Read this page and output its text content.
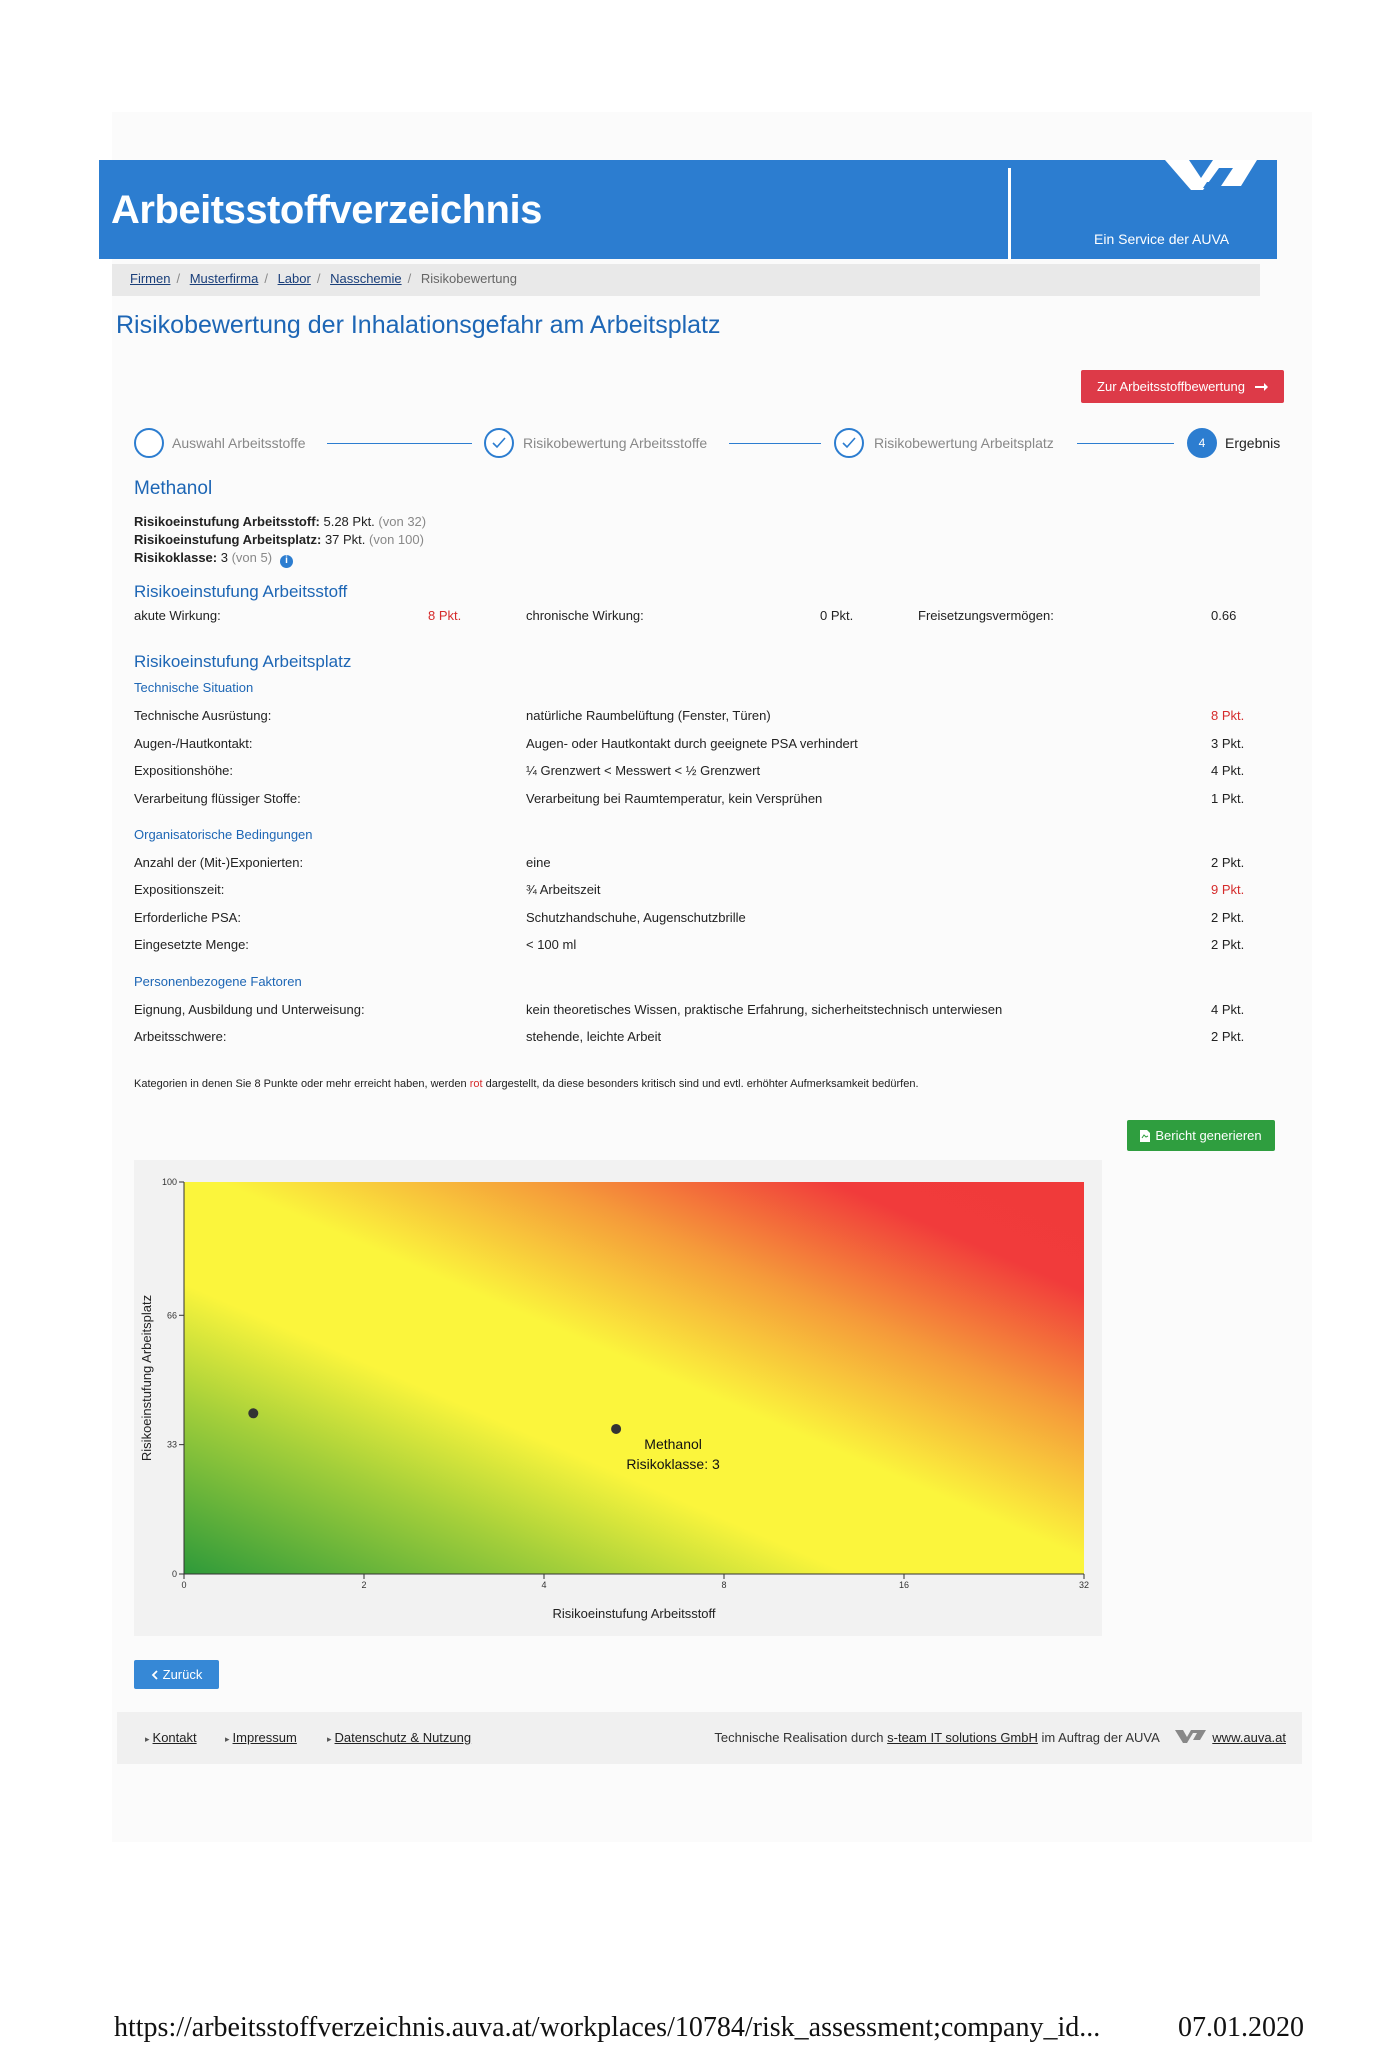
Arbeitsstoffverzeichnis
Ein Service der AUVA
Firmen / Musterfirma / Labor / Nasschemie / Risikobewertung
Risikobewertung der Inhalationsgefahr am Arbeitsplatz
Zur Arbeitsstoffbewertung
Auswahl Arbeitsstoffe	Risikobewertung Arbeitsstoffe	Risikobewertung Arbeitsplatz	4	Ergebnis
Methanol
Risikoeinstufung Arbeitsstoff: 5.28 Pkt. (von 32)
Risikoeinstufung Arbeitsplatz: 37 Pkt. (von 100)
Risikoklasse: 3 (von 5) i
Risikoeinstufung Arbeitsstoff
akute Wirkung:	8 Pkt.	chronische Wirkung:	0 Pkt.	Freisetzungsvermögen:	0.66
Risikoeinstufung Arbeitsplatz
Technische Situation
Technische Ausrüstung:	natürliche Raumbelüftung (Fenster, Türen)	8 Pkt.
Augen-/Hautkontakt:	Augen- oder Hautkontakt durch geeignete PSA verhindert	3 Pkt.
Expositionshöhe:	¼ Grenzwert < Messwert < ½ Grenzwert	4 Pkt.
Verarbeitung flüssiger Stoffe:	Verarbeitung bei Raumtemperatur, kein Versprühen	1 Pkt.
Organisatorische Bedingungen
Anzahl der (Mit-)Exponierten:	eine	2 Pkt.
Expositionszeit:	¾ Arbeitszeit	9 Pkt.
Erforderliche PSA:	Schutzhandschuhe, Augenschutzbrille	2 Pkt.
Eingesetzte Menge:	< 100 ml	2 Pkt.
Personenbezogene Faktoren
Eignung, Ausbildung und Unterweisung:	kein theoretisches Wissen, praktische Erfahrung, sicherheitstechnisch unterwiesen	4 Pkt.
Arbeitsschwere:	stehende, leichte Arbeit	2 Pkt.
Kategorien in denen Sie 8 Punkte oder mehr erreicht haben, werden rot dargestellt, da diese besonders kritisch sind und evtl. erhöhter Aufmerksamkeit bedürfen.
Bericht generieren
0	2	4	8	16	32
0
33
66
100
Methanol
Risikoklasse: 3
Risikoeinstufung Arbeitsstoff
Risikoeinstufung Arbeitsplatz
Zurück
▸ Kontakt	▸ Impressum	▸ Datenschutz & Nutzung	Technische Realisation durch s-team IT solutions GmbH im Auftrag der AUVA	www.auva.at
https://arbeitsstoffverzeichnis.auva.at/workplaces/10784/risk_assessment;company_id...	07.01.2020
